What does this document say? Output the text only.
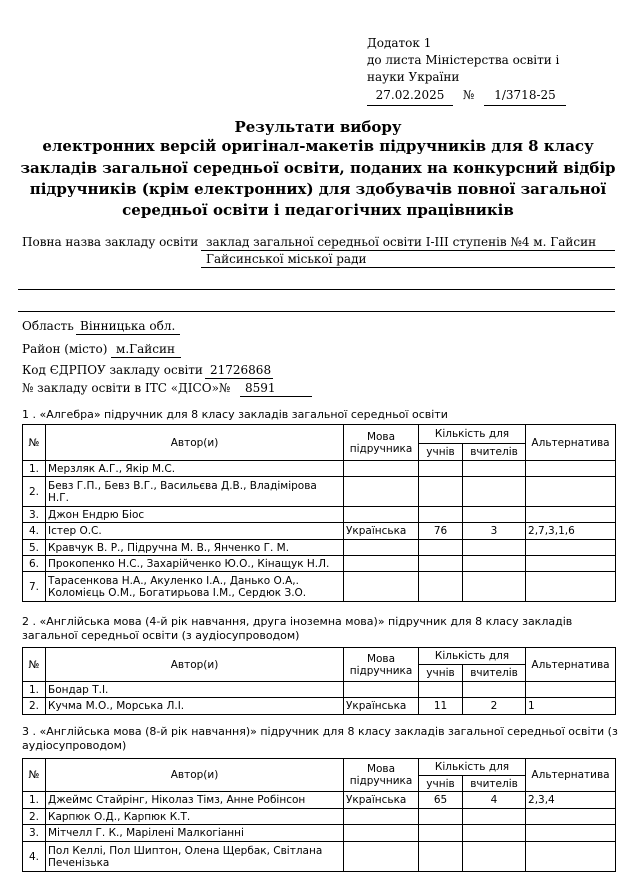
Додаток 1
до листа Міністерства освіти і
науки України
27.02.2025 № 1/3718-25
Результати вибору
електронних версій оригінал-макетів підручників для 8 класу
закладів загальної середньої освіти, поданих на конкурсний відбір
підручників (крім електронних) для здобувачів повної загальної
середньої освіти і педагогічних працівників
Повна назва закладу освіти заклад загальної середньої освіти I-III ступенів №4 м. Гайсин
Гайсинської міської ради
Область Вінницька обл.
Район (місто) м.Гайсин
Код ЄДРПОУ закладу освіти 21726868
№ закладу освіти в ІТС «ДІСО»№ 8591
1 . «Алгебра» підручник для 8 класу закладів загальної середньої освіти
№	Автор(и)	Мова підручника	Кількість для		Альтернатива
			учнів	вчителів	
1.	Мерзляк А.Г., Якір М.С.				
2.	Бевз Г.П., Бевз В.Г., Васильєва Д.В., Владімірова Н.Г.				
3.	Джон Ендрю Біос				
4.	Істер О.С.	Українська	76	3	2,7,3,1,6
5.	Кравчук В. Р., Підручна М. В., Янченко Г. М.				
6.	Прокопенко Н.С., Захарійченко Ю.О., Кінащук Н.Л.				
7.	Тарасенкова Н.А., Акуленко І.А., Данько О.А,. Коломієць О.М., Богатирьова І.М., Сердюк З.О.				
2 . «Англійська мова (4-й рік навчання, друга іноземна мова)» підручник для 8 класу закладів загальної середньої освіти (з аудіосупроводом)
№	Автор(и)	Мова підручника	Кількість для		Альтернатива
			учнів	вчителів	
1.	Бондар Т.І.				
2.	Кучма М.О., Морська Л.І.	Українська	11	2	1
3 . «Англійська мова (8-й рік навчання)» підручник для 8 класу закладів загальної середньої освіти (з аудіосупроводом)
№	Автор(и)	Мова підручника	Кількість для		Альтернатива
			учнів	вчителів	
1.	Джеймс Стайрінг, Ніколаз Тімз, Анне Робінсон	Українська	65	4	2,3,4
2.	Карпюк О.Д., Карпюк К.Т.				
3.	Мітчелл Г. К., Марілені Малкогіанні				
4.	Пол Келлі, Пол Шиптон, Олена Щербак, Світлана Печенізька				
